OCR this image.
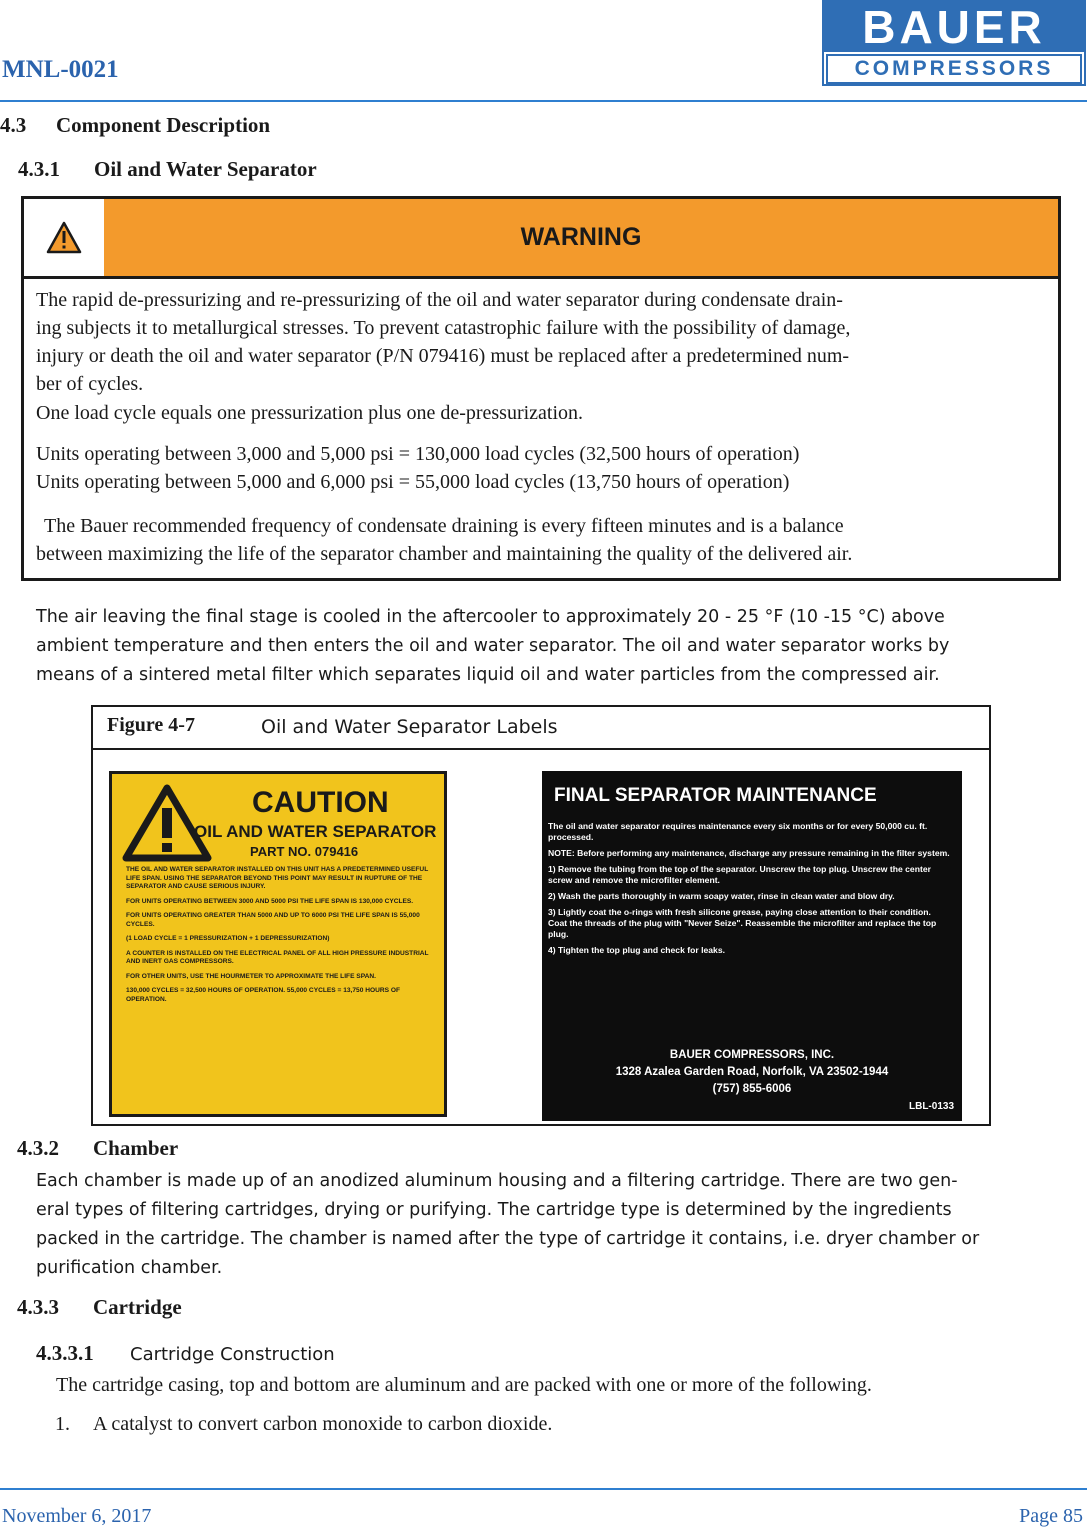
MNL-0021
BAUER
COMPRESSORS
4.3 Component Description
4.3.1 Oil and Water Separator
WARNING
The rapid de-pressurizing and re-pressurizing of the oil and water separator during condensate drain-
ing subjects it to metallurgical stresses. To prevent catastrophic failure with the possibility of damage,
injury or death the oil and water separator (P/N 079416) must be replaced after a predetermined num-
ber of cycles.
One load cycle equals one pressurization plus one de-pressurization.
Units operating between 3,000 and 5,000 psi = 130,000 load cycles (32,500 hours of operation)
Units operating between 5,000 and 6,000 psi = 55,000 load cycles (13,750 hours of operation)
The Bauer recommended frequency of condensate draining is every fifteen minutes and is a balance
between maximizing the life of the separator chamber and maintaining the quality of the delivered air.
The air leaving the final stage is cooled in the aftercooler to approximately 20 - 25 °F (10 -15 °C) above
ambient temperature and then enters the oil and water separator. The oil and water separator works by
means of a sintered metal filter which separates liquid oil and water particles from the compressed air.
Figure 4-7	Oil and Water Separator Labels
CAUTION
OIL AND WATER SEPARATOR
PART NO. 079416

THE OIL AND WATER SEPARATOR INSTALLED ON THIS UNIT HAS A PREDETERMINED USEFUL LIFE SPAN. USING THE SEPARATOR BEYOND THIS POINT MAY RESULT IN RUPTURE OF THE SEPARATOR AND CAUSE SERIOUS INJURY.

FOR UNITS OPERATING BETWEEN 3000 AND 5000 PSI THE LIFE SPAN IS 130,000 CYCLES.

FOR UNITS OPERATING GREATER THAN 5000 AND UP TO 6000 PSI THE LIFE SPAN IS 55,000 CYCLES.

(1 LOAD CYCLE = 1 PRESSURIZATION + 1 DEPRESSURIZATION)

A COUNTER IS INSTALLED ON THE ELECTRICAL PANEL OF ALL HIGH PRESSURE INDUSTRIAL AND INERT GAS COMPRESSORS.

FOR OTHER UNITS, USE THE HOURMETER TO APPROXIMATE THE LIFE SPAN.

130,000 CYCLES = 32,500 HOURS OF OPERATION. 55,000 CYCLES = 13,750 HOURS OF OPERATION.

FINAL SEPARATOR MAINTENANCE

The oil and water separator requires maintenance every six months or for every 50,000 cu. ft. processed.

NOTE: Before performing any maintenance, discharge any pressure remaining in the filter system.

1) Remove the tubing from the top of the separator. Unscrew the top plug. Unscrew the center screw and remove the microfilter element.

2) Wash the parts thoroughly in warm soapy water, rinse in clean water and blow dry.

3) Lightly coat the o-rings with fresh silicone grease, paying close attention to their condition. Coat the threads of the plug with "Never Seize". Reassemble the microfilter and replace the top plug.

4) Tighten the top plug and check for leaks.

BAUER COMPRESSORS, INC.
1328 Azalea Garden Road, Norfolk, VA 23502-1944
(757) 855-6006
LBL-0133
4.3.2 Chamber
Each chamber is made up of an anodized aluminum housing and a filtering cartridge. There are two gen-
eral types of filtering cartridges, drying or purifying. The cartridge type is determined by the ingredients
packed in the cartridge. The chamber is named after the type of cartridge it contains, i.e. dryer chamber or
purification chamber.
4.3.3 Cartridge
4.3.3.1 Cartridge Construction
The cartridge casing, top and bottom are aluminum and are packed with one or more of the following.
1. A catalyst to convert carbon monoxide to carbon dioxide.
November 6, 2017	Page 85
